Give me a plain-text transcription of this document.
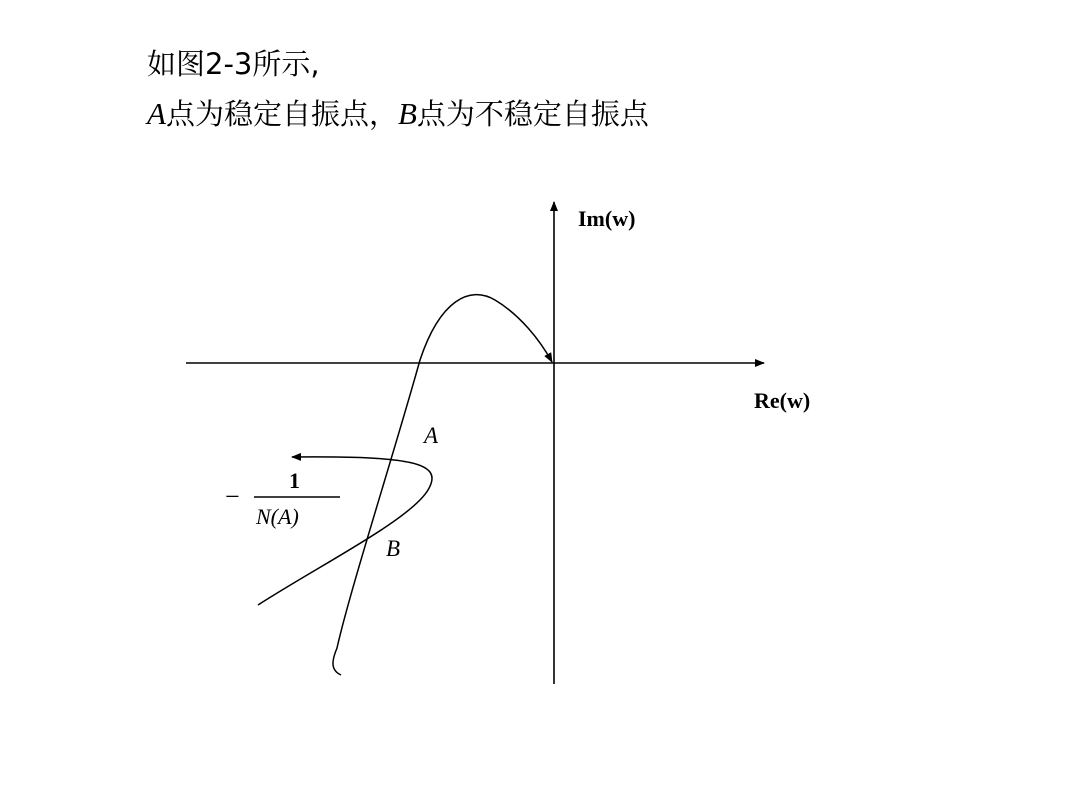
如图2-3所示,
A点为稳定自振点，B点为不稳定自振点
Im(w)
Re(w)
A
B
−
1
N(A)
